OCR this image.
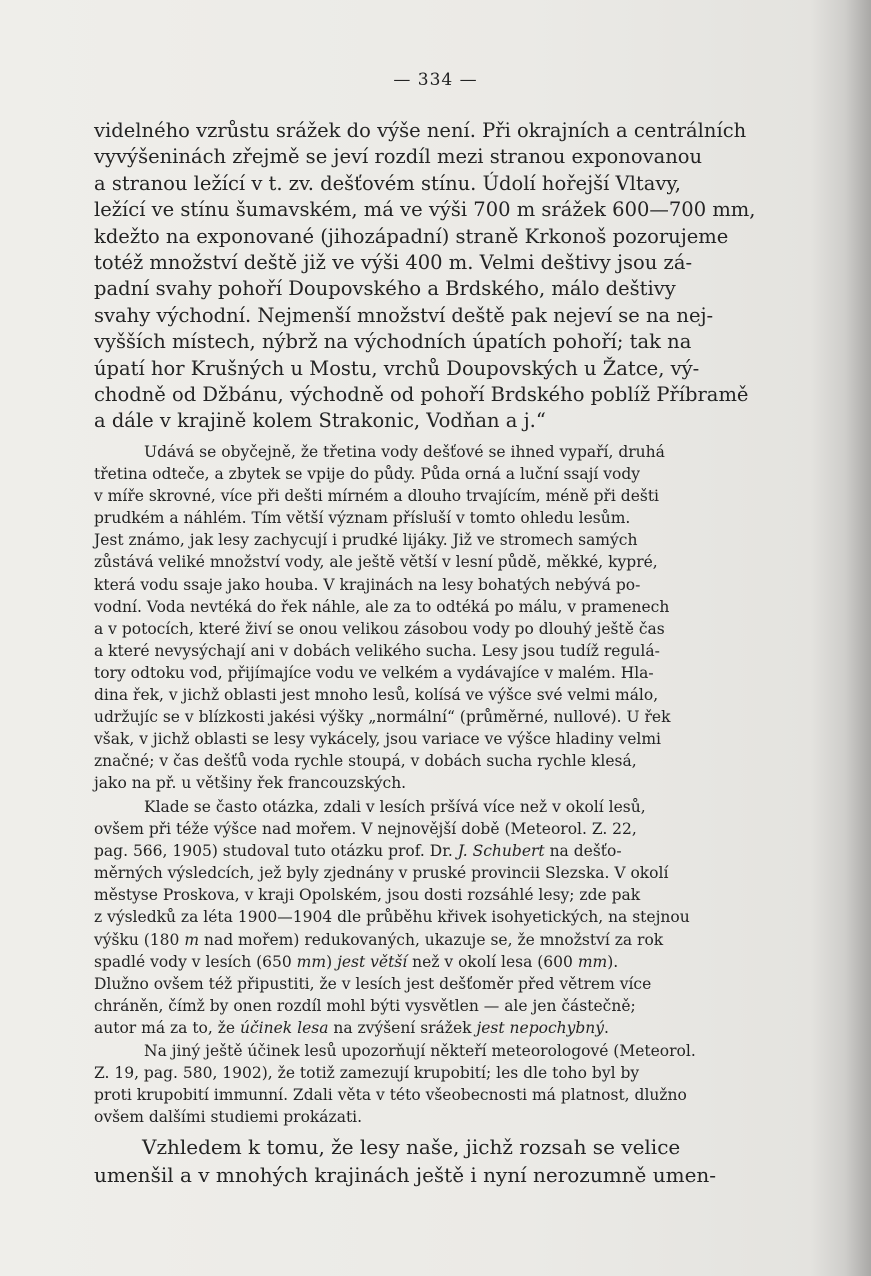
— 334 —
videlného vzrůstu srážek do výše není. Při okrajních a centrálních
vyvýšeninách zřejmě se jeví rozdíl mezi stranou exponovanou
a stranou ležící v t. zv. dešťovém stínu. Údolí hořejší Vltavy,
ležící ve stínu šumavském, má ve výši 700 m srážek 600—700 mm,
kdežto na exponované (jihozápadní) straně Krkonoš pozorujeme
totéž množství deště již ve výši 400 m. Velmi deštivy jsou zá-
padní svahy pohoří Doupovského a Brdského, málo deštivy
svahy východní. Nejmenší množství deště pak nejeví se na nej-
vyšších místech, nýbrž na východních úpatích pohoří; tak na
úpatí hor Krušných u Mostu, vrchů Doupovských u Žatce, vý-
chodně od Džbánu, východně od pohoří Brdského poblíž Příbramě
a dále v krajině kolem Strakonic, Vodňan a j.“
Udává se obyčejně, že třetina vody dešťové se ihned vypaří, druhá
třetina odteče, a zbytek se vpije do půdy. Půda orná a luční ssají vody
v míře skrovné, více při dešti mírném a dlouho trvajícím, méně při dešti
prudkém a náhlém. Tím větší význam přísluší v tomto ohledu lesům.
Jest známo, jak lesy zachycují i prudké lijáky. Již ve stromech samých
zůstává veliké množství vody, ale ještě větší v lesní půdě, měkké, kypré,
která vodu ssaje jako houba. V krajinách na lesy bohatých nebývá po-
vodní. Voda nevtéká do řek náhle, ale za to odtéká po málu, v pramenech
a v potocích, které živí se onou velikou zásobou vody po dlouhý ještě čas
a které nevysýchají ani v dobách velikého sucha. Lesy jsou tudíž regulá-
tory odtoku vod, přijímajíce vodu ve velkém a vydávajíce v malém. Hla-
dina řek, v jichž oblasti jest mnoho lesů, kolísá ve výšce své velmi málo,
udržujíc se v blízkosti jakési výšky „normální“ (průměrné, nullové). U řek
však, v jichž oblasti se lesy vykácely, jsou variace ve výšce hladiny velmi
značné; v čas dešťů voda rychle stoupá, v dobách sucha rychle klesá,
jako na př. u většiny řek francouzských.
Klade se často otázka, zdali v lesích pršívá více než v okolí lesů,
ovšem při téže výšce nad mořem. V nejnovější době (Meteorol. Z. 22,
pag. 566, 1905) studoval tuto otázku prof. Dr. J. Schubert na dešťo-
měrných výsledcích, jež byly zjednány v pruské provincii Slezska. V okolí
městyse Proskova, v kraji Opolském, jsou dosti rozsáhlé lesy; zde pak
z výsledků za léta 1900—1904 dle průběhu křivek isohyetických, na stejnou
výšku (180 m nad mořem) redukovaných, ukazuje se, že množství za rok
spadlé vody v lesích (650 mm) jest větší než v okolí lesa (600 mm).
Dlužno ovšem též připustiti, že v lesích jest dešťoměr před větrem více
chráněn, čímž by onen rozdíl mohl býti vysvětlen — ale jen částečně;
autor má za to, že účinek lesa na zvýšení srážek jest nepochybný.
Na jiný ještě účinek lesů upozorňují někteří meteorologové (Meteorol.
Z. 19, pag. 580, 1902), že totiž zamezují krupobití; les dle toho byl by
proti krupobití immunní. Zdali věta v této všeobecnosti má platnost, dlužno
ovšem dalšími studiemi prokázati.
Vzhledem k tomu, že lesy naše, jichž rozsah se velice
umenšil a v mnohých krajinách ještě i nyní nerozumně umen-
